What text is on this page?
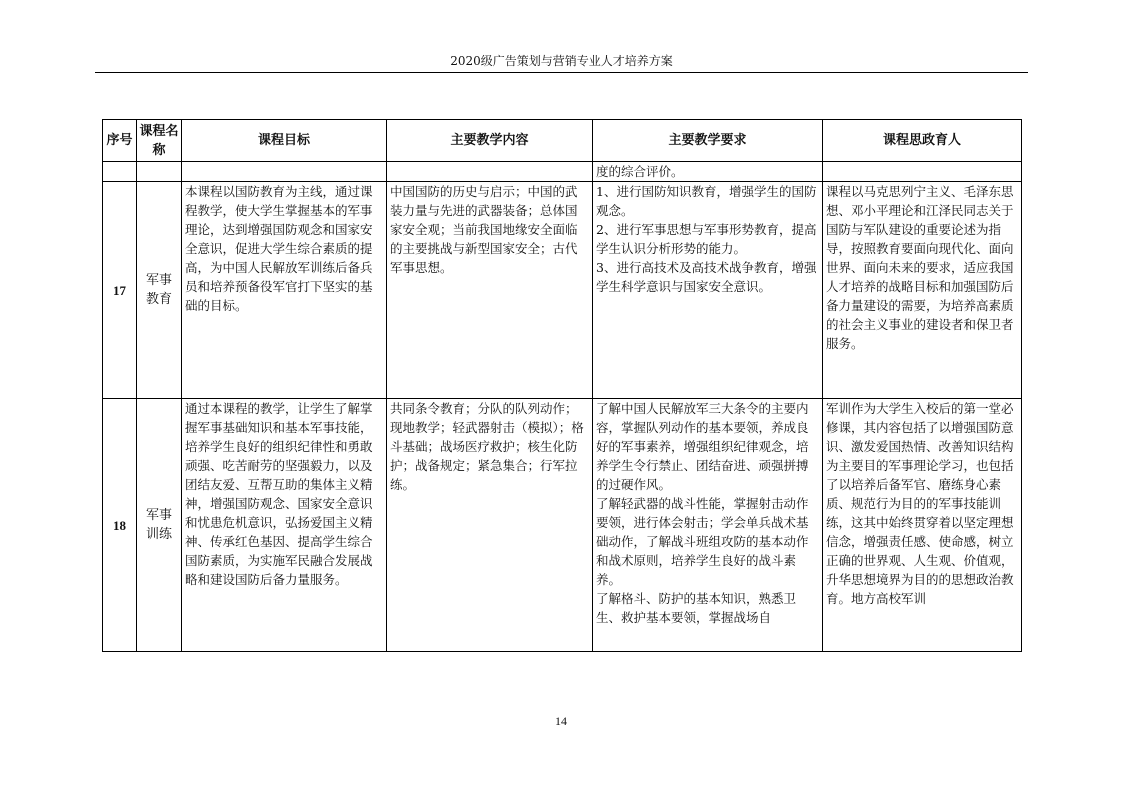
2020级广告策划与营销专业人才培养方案
序号	课程名称	课程目标	主要教学内容	主要教学要求	课程思政育人
				度的综合评价。	
17	军事教育	本课程以国防教育为主线，通过课程教学，使大学生掌握基本的军事理论，达到增强国防观念和国家安全意识，促进大学生综合素质的提高，为中国人民解放军训练后备兵员和培养预备役军官打下坚实的基础的目标。	中国国防的历史与启示；中国的武装力量与先进的武器装备；总体国家安全观；当前我国地缘安全面临的主要挑战与新型国家安全；古代军事思想。	1、进行国防知识教育，增强学生的国防观念。
2、进行军事思想与军事形势教育，提高学生认识分析形势的能力。
3、进行高技术及高技术战争教育，增强学生科学意识与国家安全意识。	课程以马克思列宁主义、毛泽东思想、邓小平理论和江泽民同志关于国防与军队建设的重要论述为指导，按照教育要面向现代化、面向世界、面向未来的要求，适应我国人才培养的战略目标和加强国防后备力量建设的需要，为培养高素质的社会主义事业的建设者和保卫者服务。
18	军事训练	通过本课程的教学，让学生了解掌握军事基础知识和基本军事技能，培养学生良好的组织纪律性和勇敢顽强、吃苦耐劳的坚强毅力，以及团结友爱、互帮互助的集体主义精神，增强国防观念、国家安全意识和忧患危机意识，弘扬爱国主义精神、传承红色基因、提高学生综合国防素质，为实施军民融合发展战略和建设国防后备力量服务。	共同条令教育；分队的队列动作；现地教学；轻武器射击（模拟）；格斗基础；战场医疗救护；核生化防护；战备规定；紧急集合；行军拉练。	了解中国人民解放军三大条令的主要内容，掌握队列动作的基本要领，养成良好的军事素养，增强组织纪律观念，培养学生令行禁止、团结奋进、顽强拼搏的过硬作风。
了解轻武器的战斗性能，掌握射击动作要领，进行体会射击；学会单兵战术基础动作，了解战斗班组攻防的基本动作和战术原则，培养学生良好的战斗素养。
了解格斗、防护的基本知识，熟悉卫生、救护基本要领，掌握战场自	军训作为大学生入校后的第一堂必修课，其内容包括了以增强国防意识、激发爱国热情、改善知识结构为主要目的军事理论学习，也包括了以培养后备军官、磨练身心素质、规范行为目的的军事技能训练，这其中始终贯穿着以坚定理想信念，增强责任感、使命感，树立正确的世界观、人生观、价值观，升华思想境界为目的的思想政治教育。地方高校军训
14
